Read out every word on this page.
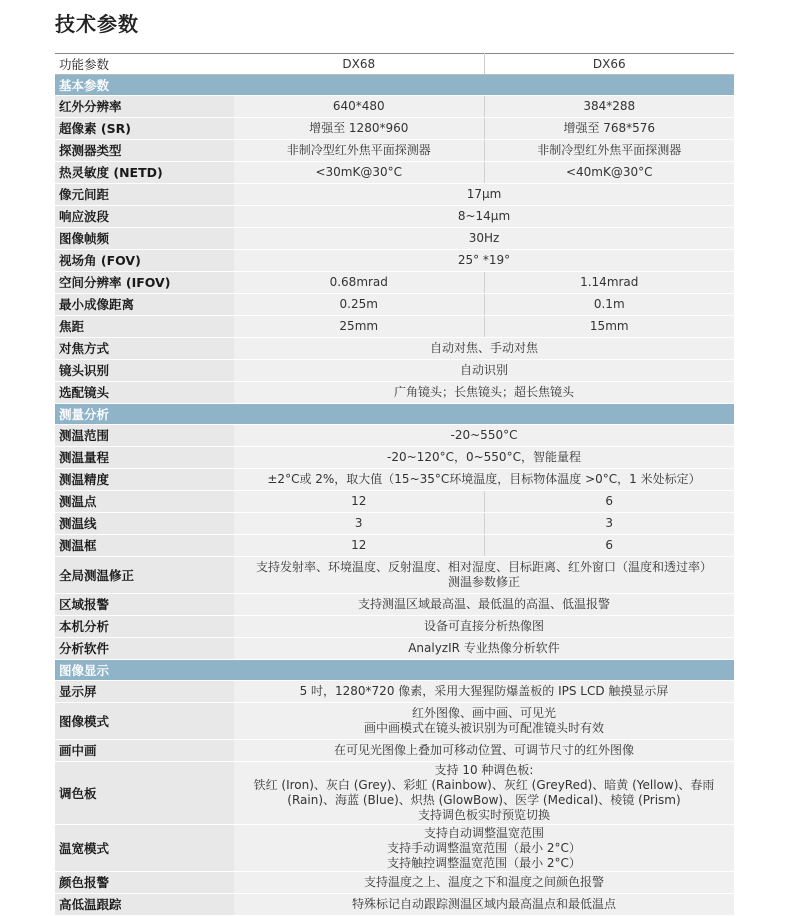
技术参数
功能参数	DX68	DX66
基本参数		
红外分辨率	640*480	384*288
超像素 (SR)	增强至 1280*960	增强至 768*576
探测器类型	非制冷型红外焦平面探测器	非制冷型红外焦平面探测器
热灵敏度 (NETD)	<30mK@30°C	<40mK@30°C
像元间距	17μm	
响应波段	8~14μm	
图像帧频	30Hz	
视场角 (FOV)	25° *19°	
空间分辨率 (IFOV)	0.68mrad	1.14mrad
最小成像距离	0.25m	0.1m
焦距	25mm	15mm
对焦方式	自动对焦、手动对焦	
镜头识别	自动识别	
选配镜头	广角镜头；长焦镜头；超长焦镜头	
测量分析		
测温范围	-20~550°C	
测温量程	-20~120°C，0~550°C，智能量程	
测温精度	±2°C或 2%，取大值（15~35°C环境温度，目标物体温度 >0°C，1 米处标定）	
测温点	12	6
测温线	3	3
测温框	12	6
全局测温修正	支持发射率、环境温度、反射温度、相对湿度、目标距离、红外窗口（温度和透过率）
测温参数修正	

区域报警	支持测温区域最高温、最低温的高温、低温报警	
本机分析	设备可直接分析热像图	
分析软件	AnalyzIR 专业热像分析软件	
图像显示		
显示屏	5 吋，1280*720 像素，采用大猩猩防爆盖板的 IPS LCD 触摸显示屏	
图像模式	红外图像、画中画、可见光
画中画模式在镜头被识别为可配准镜头时有效	

画中画	在可见光图像上叠加可移动位置、可调节尺寸的红外图像	
调色板	支持 10 种调色板:
铁红 (Iron)、灰白 (Grey)、彩虹 (Rainbow)、灰红 (GreyRed)、暗黄 (Yellow)、春雨
(Rain)、海蓝 (Blue)、炽热 (GlowBow)、医学 (Medical)、棱镜 (Prism)
支持调色板实时预览切换	

温宽模式	支持自动调整温宽范围
支持手动调整温宽范围（最小 2°C）
支持触控调整温宽范围（最小 2°C）	

颜色报警	支持温度之上、温度之下和温度之间颜色报警	
高低温跟踪	特殊标记自动跟踪测温区域内最高温点和最低温点	
